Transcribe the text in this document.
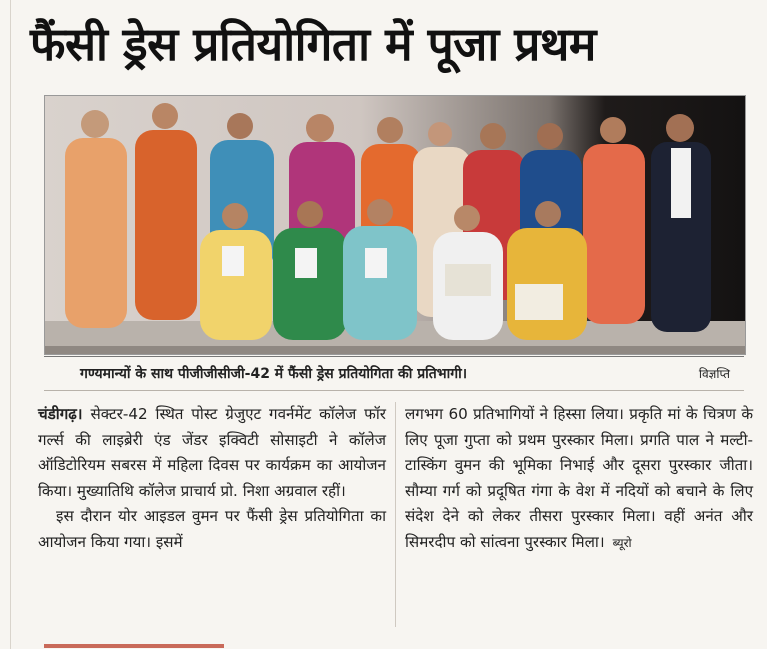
फैंसी ड्रेस प्रतियोगिता में पूजा प्रथम
गण्यमान्यों के साथ पीजीजीसीजी-42 में फैंसी ड्रेस प्रतियोगिता की प्रतिभागी।	विज्ञप्ति

चंडीगढ़। सेक्टर-42 स्थित पोस्ट ग्रेजुएट गवर्नमेंट कॉलेज फॉर गर्ल्स की लाइब्रेरी एंड जेंडर इक्विटी सोसाइटी ने कॉलेज ऑडिटोरियम सबरस में महिला दिवस पर कार्यक्रम का आयोजन किया। मुख्यातिथि कॉलेज प्राचार्य प्रो. निशा अग्रवाल रहीं।

इस दौरान योर आइडल वुमन पर फैंसी ड्रेस प्रतियोगिता का आयोजन किया गया। इसमें

लगभग 60 प्रतिभागियों ने हिस्सा लिया। प्रकृति मां के चित्रण के लिए पूजा गुप्ता को प्रथम पुरस्कार मिला। प्रगति पाल ने मल्टी-टास्किंग वुमन की भूमिका निभाई और दूसरा पुरस्कार जीता। सौम्या गर्ग को प्रदूषित गंगा के वेश में नदियों को बचाने के लिए संदेश देने को लेकर तीसरा पुरस्कार मिला। वहीं अनंत और सिमरदीप को सांत्वना पुरस्कार मिला। ब्यूरो
